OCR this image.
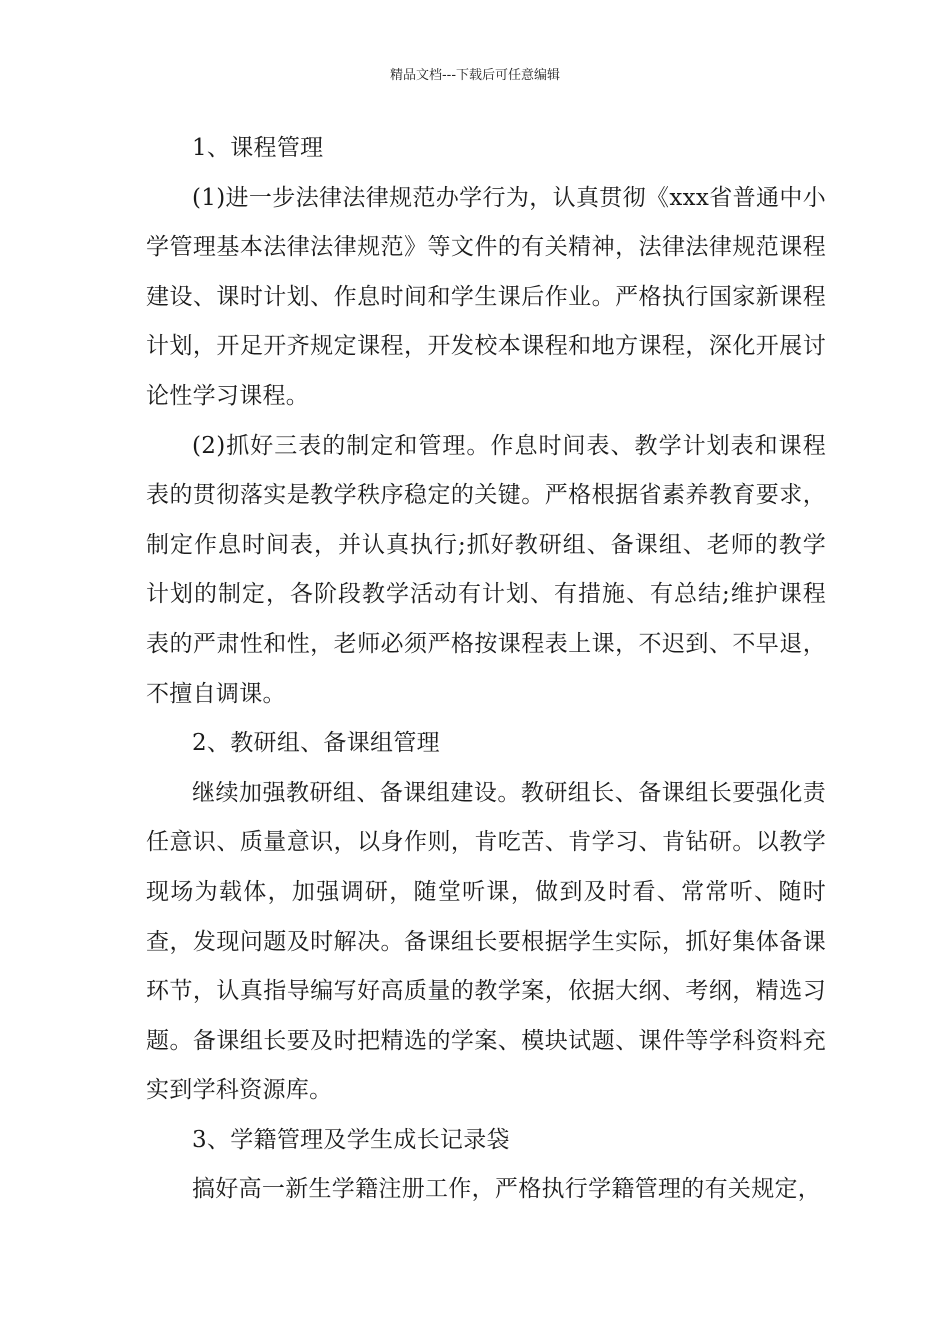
精品文档---下载后可任意编辑

1、课程管理

(1)进一步法律法律规范办学行为，认真贯彻《xxx省普通中小学管理基本法律法律规范》等文件的有关精神，法律法律规范课程建设、课时计划、作息时间和学生课后作业。严格执行国家新课程计划，开足开齐规定课程，开发校本课程和地方课程，深化开展讨论性学习课程。

(2)抓好三表的制定和管理。作息时间表、教学计划表和课程表的贯彻落实是教学秩序稳定的关键。严格根据省素养教育要求，制定作息时间表，并认真执行;抓好教研组、备课组、老师的教学计划的制定，各阶段教学活动有计划、有措施、有总结;维护课程表的严肃性和性，老师必须严格按课程表上课，不迟到、不早退，不擅自调课。

2、教研组、备课组管理

继续加强教研组、备课组建设。教研组长、备课组长要强化责任意识、质量意识，以身作则，肯吃苦、肯学习、肯钻研。以教学现场为载体，加强调研，随堂听课，做到及时看、常常听、随时查，发现问题及时解决。备课组长要根据学生实际，抓好集体备课环节，认真指导编写好高质量的教学案，依据大纲、考纲，精选习题。备课组长要及时把精选的学案、模块试题、课件等学科资料充实到学科资源库。

3、学籍管理及学生成长记录袋

搞好高一新生学籍注册工作，严格执行学籍管理的有关规定，
